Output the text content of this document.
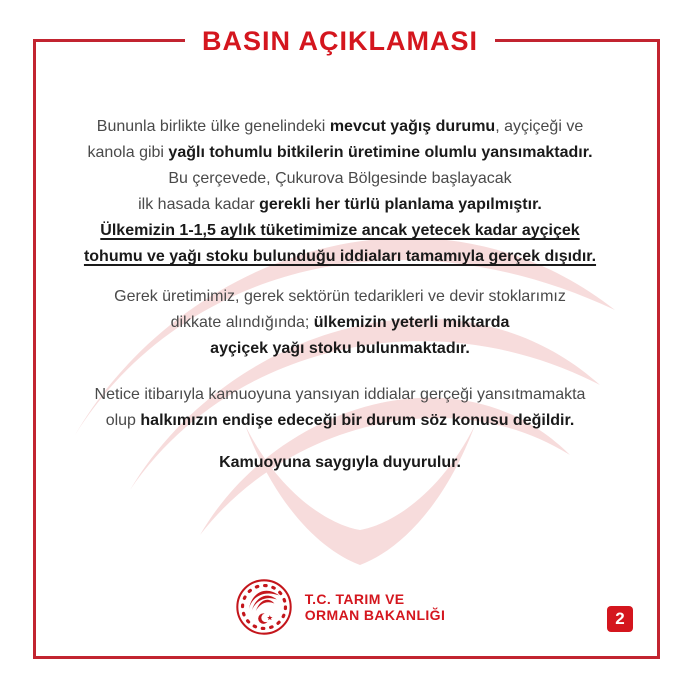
BASIN AÇIKLAMASI
Bununla birlikte ülke genelindeki mevcut yağış durumu, ayçiçeği ve
kanola gibi yağlı tohumlu bitkilerin üretimine olumlu yansımaktadır.
Bu çerçevede, Çukurova Bölgesinde başlayacak
ilk hasada kadar gerekli her türlü planlama yapılmıştır.
Ülkemizin 1-1,5 aylık tüketimimize ancak yetecek kadar ayçiçek
tohumu ve yağı stoku bulunduğu iddiaları tamamıyla gerçek dışıdır.
Gerek üretimimiz, gerek sektörün tedarikleri ve devir stoklarımız
dikkate alındığında; ülkemizin yeterli miktarda
ayçiçek yağı stoku bulunmaktadır.
Netice itibarıyla kamuoyuna yansıyan iddialar gerçeği yansıtmamakta
olup halkımızın endişe edeceği bir durum söz konusu değildir.
Kamuoyuna saygıyla duyurulur.
T.C. TARIM VE
ORMAN BAKANLIĞI	2
